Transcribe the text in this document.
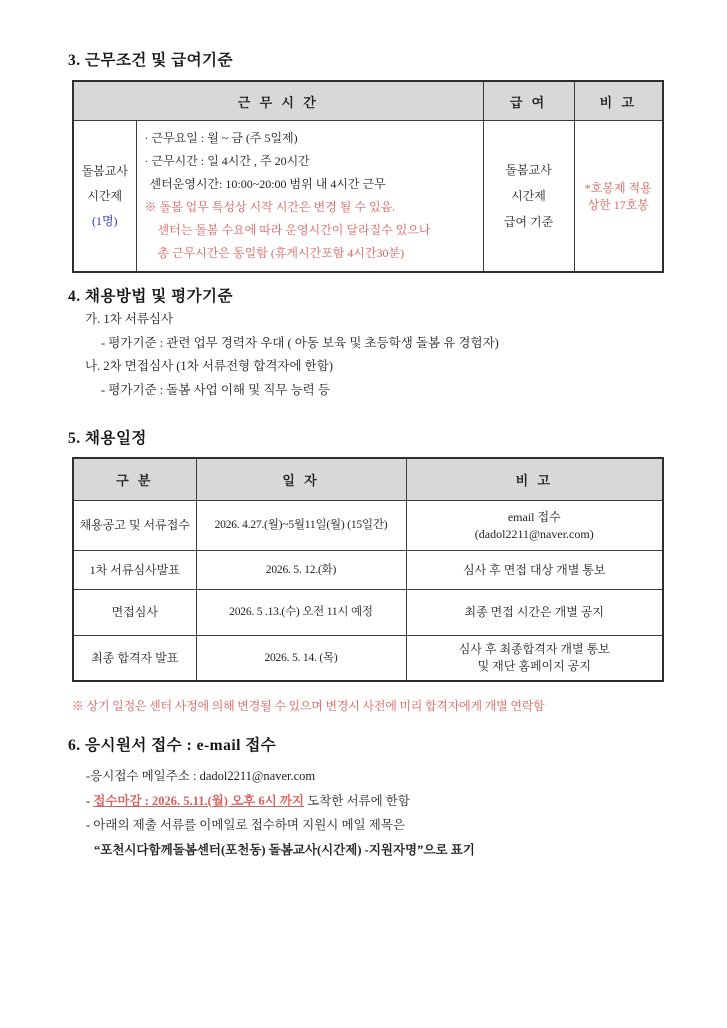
3. 근무조건 및 급여기준
근 무 시 간		급 여	비 고

돌봄교사
시간제
(1명)

· 근무요일 : 월 ~ 금 (주 5일제)
· 근무시간 : 일 4시간 , 주 20시간
센터운영시간: 10:00~20:00 범위 내 4시간 근무
※ 돌봄 업무 특성상 시작 시간은 변경 될 수 있음.
센터는 돌봄 수요에 따라 운영시간이 달라질수 있으나
총 근무시간은 동일함 (휴게시간포함 4시간30분)

돌봄교사
시간제
급여 기준

*호봉제 적용
상한 17호봉
4. 채용방법 및 평가기준
가. 1차 서류심사
- 평가기준 : 관련 업무 경력자 우대 ( 아동 보육 및 초등학생 돌봄 유 경험자)
나. 2차 면접심사 (1차 서류전형 합격자에 한함)
- 평가기준 : 돌봄 사업 이해 및 직무 능력 등
5. 채용일정
구 분	일 자	비 고
채용공고 및 서류접수	2026. 4.27.(월)~5월11일(월) (15일간)	email 접수
(dadol2211@naver.com)

1차 서류심사발표	2026. 5. 12.(화)	심사 후 면접 대상 개별 통보
면접심사	2026. 5 .13.(수) 오전 11시 예정	최종 면접 시간은 개별 공지
최종 합격자 발표	2026. 5. 14. (목)	심사 후 최종합격자 개별 통보
및 재단 홈페이지 공지
※ 상기 일정은 센터 사정에 의해 변경될 수 있으며 변경시 사전에 미리 합격자에게 개별 연락함
6. 응시원서 접수 : e-mail 접수
-응시접수 메일주소 : dadol2211@naver.com
- 접수마감 : 2026. 5.11.(월) 오후 6시 까지 도착한 서류에 한함
- 아래의 제출 서류를 이메일로 접수하며 지원시 메일 제목은
“포천시다함께돌봄센터(포천동) 돌봄교사(시간제) -지원자명”으로 표기
